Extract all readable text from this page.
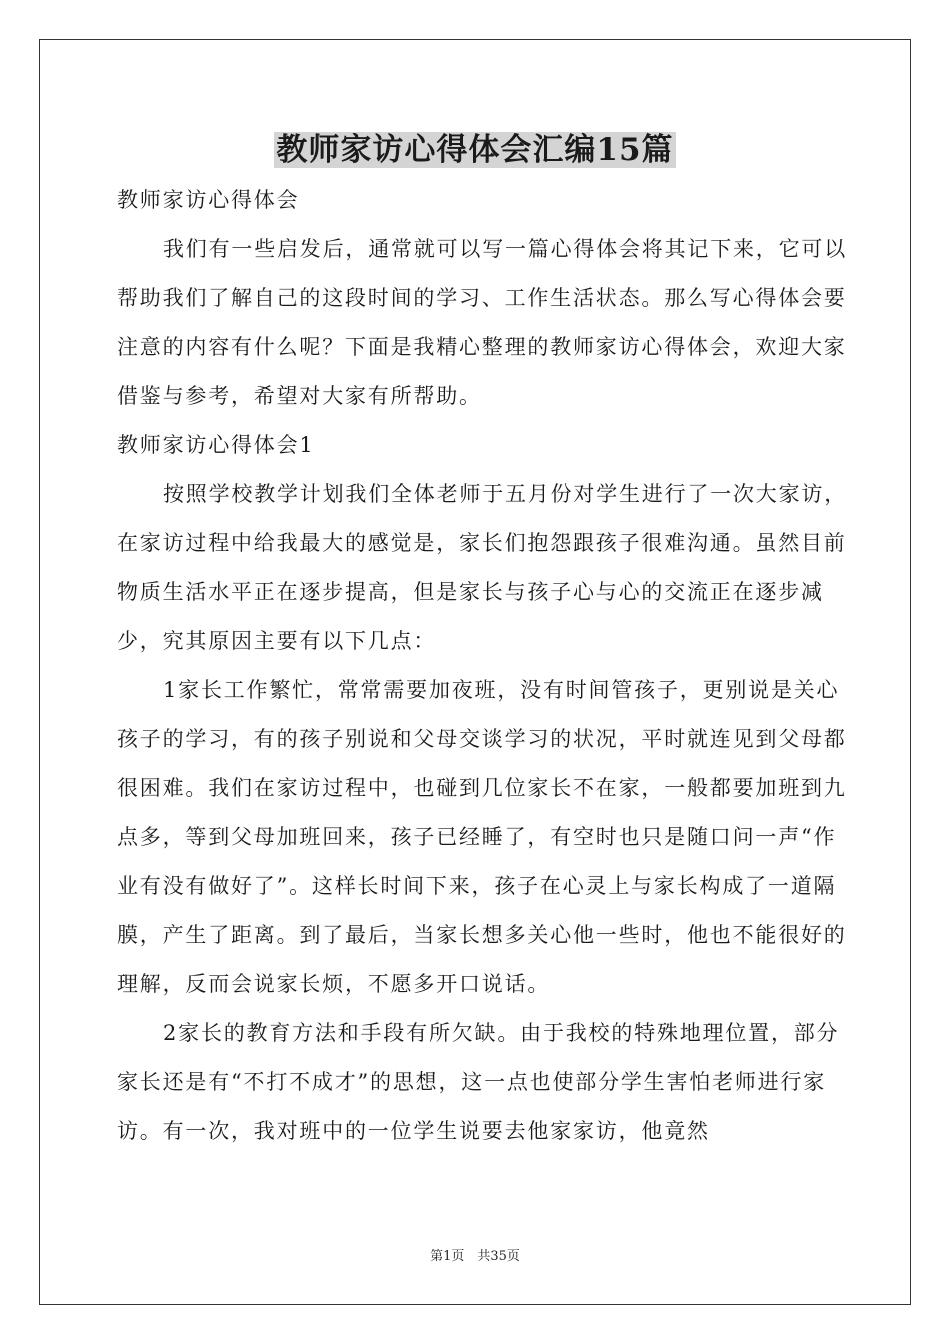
教师家访心得体会汇编15篇

教师家访心得体会

我们有一些启发后，通常就可以写一篇心得体会将其记下来，它可以帮助我们了解自己的这段时间的学习、工作生活状态。那么写心得体会要注意的内容有什么呢？下面是我精心整理的教师家访心得体会，欢迎大家借鉴与参考，希望对大家有所帮助。

教师家访心得体会1

按照学校教学计划我们全体老师于五月份对学生进行了一次大家访，在家访过程中给我最大的感觉是，家长们抱怨跟孩子很难沟通。虽然目前物质生活水平正在逐步提高，但是家长与孩子心与心的交流正在逐步减少，究其原因主要有以下几点：

1家长工作繁忙，常常需要加夜班，没有时间管孩子，更别说是关心孩子的学习，有的孩子别说和父母交谈学习的状况，平时就连见到父母都很困难。我们在家访过程中，也碰到几位家长不在家，一般都要加班到九点多，等到父母加班回来，孩子已经睡了，有空时也只是随口问一声“作业有没有做好了”。这样长时间下来，孩子在心灵上与家长构成了一道隔膜，产生了距离。到了最后，当家长想多关心他一些时，他也不能很好的理解，反而会说家长烦，不愿多开口说话。

2家长的教育方法和手段有所欠缺。由于我校的特殊地理位置，部分家长还是有“不打不成才”的思想，这一点也使部分学生害怕老师进行家访。有一次，我对班中的一位学生说要去他家家访，他竟然

第1页　共35页
